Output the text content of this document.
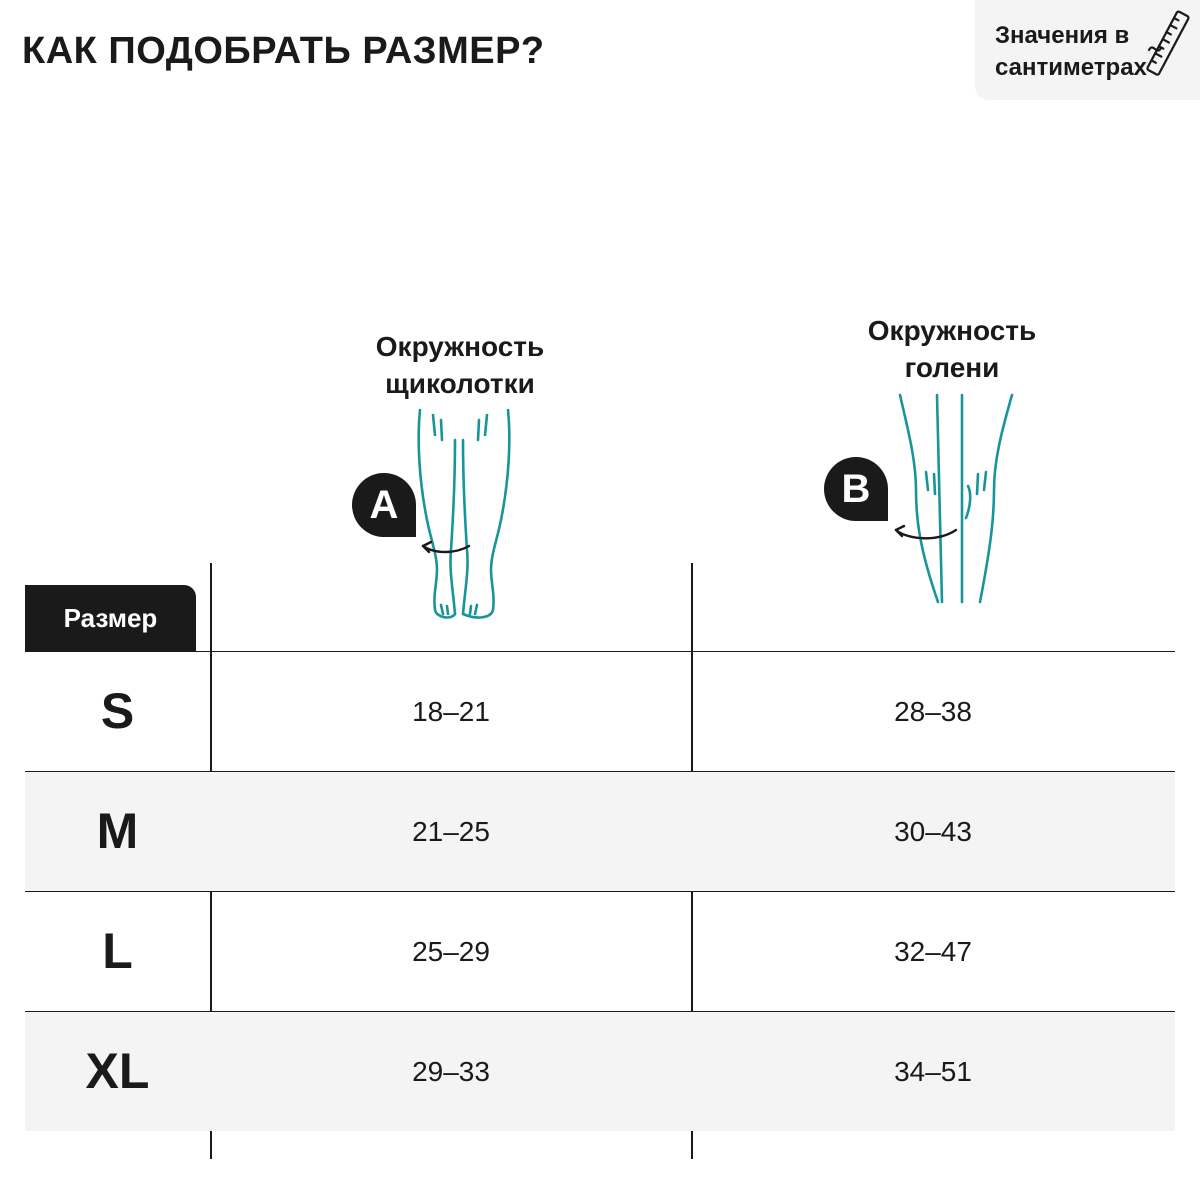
КАК ПОДОБРАТЬ РАЗМЕР?	Значения в сантиметрах
Окружность
щиколотки
Окружность
голени
A	B
Размер
S	18–21	28–38
M	21–25	30–43
L	25–29	32–47
XL	29–33	34–51
